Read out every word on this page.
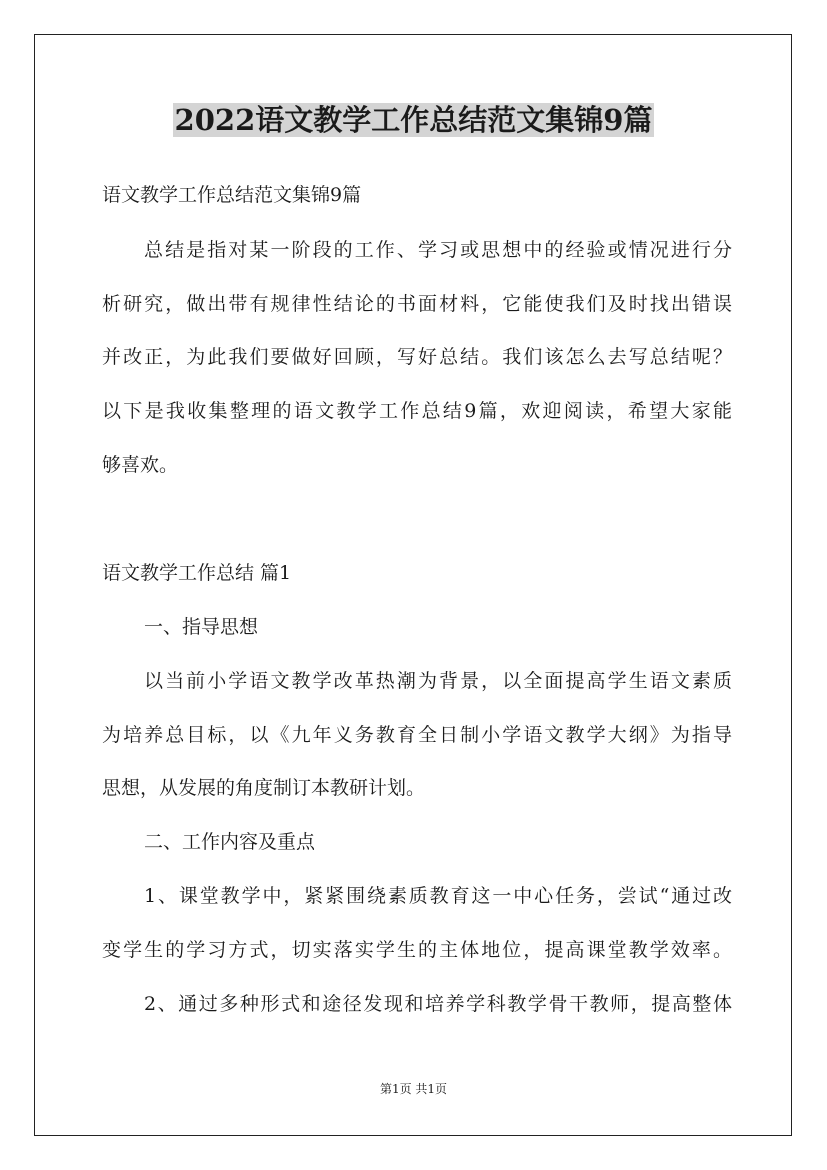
2022语文教学工作总结范文集锦9篇

语文教学工作总结范文集锦9篇

总结是指对某一阶段的工作、学习或思想中的经验或情况进行分

析研究，做出带有规律性结论的书面材料，它能使我们及时找出错误

并改正，为此我们要做好回顾，写好总结。我们该怎么去写总结呢？

以下是我收集整理的语文教学工作总结9篇，欢迎阅读，希望大家能

够喜欢。

语文教学工作总结 篇1

一、指导思想

以当前小学语文教学改革热潮为背景，以全面提高学生语文素质

为培养总目标，以《九年义务教育全日制小学语文教学大纲》为指导

思想，从发展的角度制订本教研计划。

二、工作内容及重点

1、课堂教学中，紧紧围绕素质教育这一中心任务，尝试“通过改

变学生的学习方式，切实落实学生的主体地位，提高课堂教学效率。

2、通过多种形式和途径发现和培养学科教学骨干教师，提高整体

第1页 共1页
